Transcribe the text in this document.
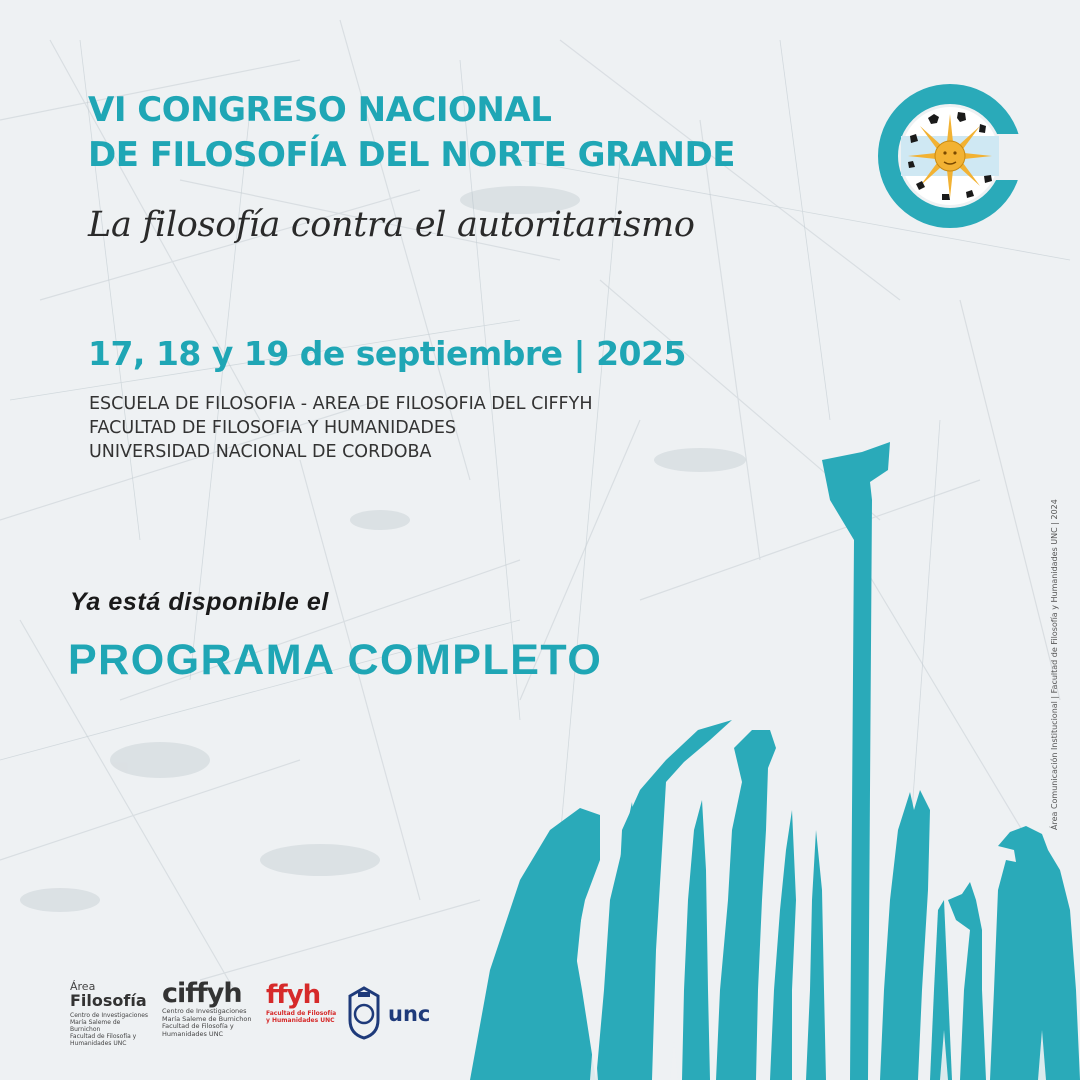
VI CONGRESO NACIONAL
DE FILOSOFÍA DEL NORTE GRANDE

La filosofía contra el autoritarismo

17, 18 y 19 de septiembre | 2025
ESCUELA DE FILOSOFIA - AREA DE FILOSOFIA DEL CIFFYH
FACULTAD DE FILOSOFIA Y HUMANIDADES
UNIVERSIDAD NACIONAL DE CORDOBA
Ya está disponible el
PROGRAMA COMPLETO
Área
Filosofía
Centro de Investigaciones
María Saleme de Burnichon
Facultad de Filosofía y Humanidades UNC
ciffyh
Centro de Investigaciones
María Saleme de Burnichon
Facultad de Filosofía y Humanidades UNC
ffyh
Facultad de Filosofía
y Humanidades UNC	unc
